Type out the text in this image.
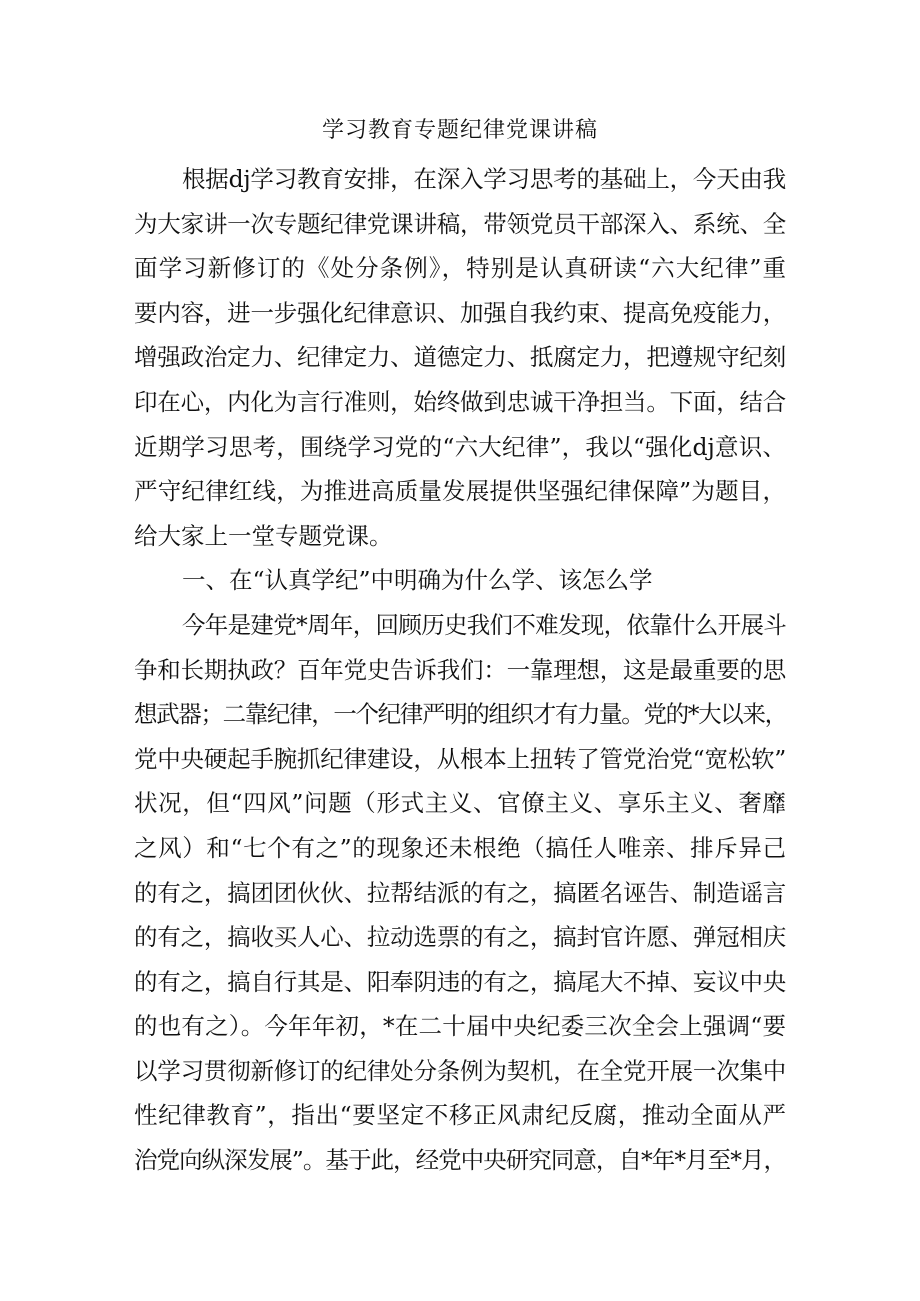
学习教育专题纪律党课讲稿
根据dj学习教育安排，在深入学习思考的基础上，今天由我
为大家讲一次专题纪律党课讲稿，带领党员干部深入、系统、全
面学习新修订的《处分条例》，特别是认真研读“六大纪律”重
要内容，进一步强化纪律意识、加强自我约束、提高免疫能力，
增强政治定力、纪律定力、道德定力、抵腐定力，把遵规守纪刻
印在心，内化为言行准则，始终做到忠诚干净担当。下面，结合
近期学习思考，围绕学习党的“六大纪律”，我以“强化dj意识、
严守纪律红线，为推进高质量发展提供坚强纪律保障”为题目，
给大家上一堂专题党课。
一、在“认真学纪”中明确为什么学、该怎么学
今年是建党*周年，回顾历史我们不难发现，依靠什么开展斗
争和长期执政？百年党史告诉我们：一靠理想，这是最重要的思
想武器；二靠纪律，一个纪律严明的组织才有力量。党的*大以来，
党中央硬起手腕抓纪律建设，从根本上扭转了管党治党“宽松软”
状况，但“四风”问题（形式主义、官僚主义、享乐主义、奢靡
之风）和“七个有之”的现象还未根绝（搞任人唯亲、排斥异己
的有之，搞团团伙伙、拉帮结派的有之，搞匿名诬告、制造谣言
的有之，搞收买人心、拉动选票的有之，搞封官许愿、弹冠相庆
的有之，搞自行其是、阳奉阴违的有之，搞尾大不掉、妄议中央
的也有之）。今年年初，*在二十届中央纪委三次全会上强调“要
以学习贯彻新修订的纪律处分条例为契机，在全党开展一次集中
性纪律教育”，指出“要坚定不移正风肃纪反腐，推动全面从严
治党向纵深发展”。基于此，经党中央研究同意，自*年*月至*月，
